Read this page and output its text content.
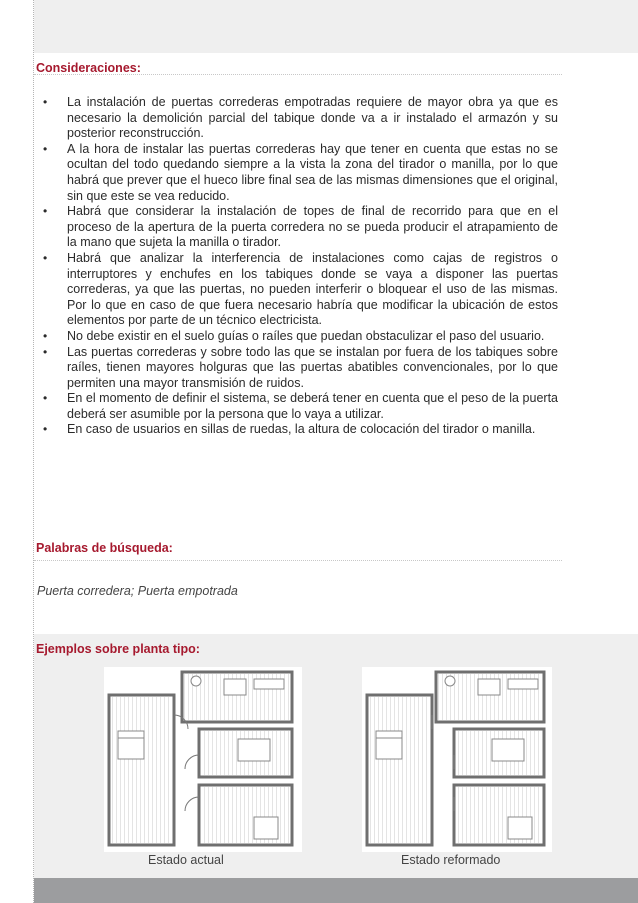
Consideraciones:
• La instalación de puertas correderas empotradas requiere de mayor obra ya que es necesario la demolición parcial del tabique donde va a ir instalado el armazón y su posterior reconstrucción.
• A la hora de instalar las puertas correderas hay que tener en cuenta que estas no se ocultan del todo quedando siempre a la vista la zona del tirador o manilla, por lo que habrá que prever que el hueco libre final sea de las mismas dimensiones que el original, sin que este se vea reducido.
• Habrá que considerar la instalación de topes de final de recorrido para que en el proceso de la apertura de la puerta corredera no se pueda producir el atrapamiento de la mano que sujeta la manilla o tirador.
• Habrá que analizar la interferencia de instalaciones como cajas de registros o interruptores y enchufes en los tabiques donde se vaya a disponer las puertas correderas, ya que las puertas, no pueden interferir o bloquear el uso de las mismas. Por lo que en caso de que fuera necesario habría que modificar la ubicación de estos elementos por parte de un técnico electricista.
• No debe existir en el suelo guías o raíles que puedan obstaculizar el paso del usuario.
• Las puertas correderas y sobre todo las que se instalan por fuera de los tabiques sobre raíles, tienen mayores holguras que las puertas abatibles convencionales, por lo que permiten una mayor transmisión de ruidos.
• En el momento de definir el sistema, se deberá tener en cuenta que el peso de la puerta deberá ser asumible por la persona que lo vaya a utilizar.
• En caso de usuarios en sillas de ruedas, la altura de colocación del tirador o manilla.
Palabras de búsqueda:
Puerta corredera; Puerta empotrada
Ejemplos sobre planta tipo:
Estado actual	Estado reformado
